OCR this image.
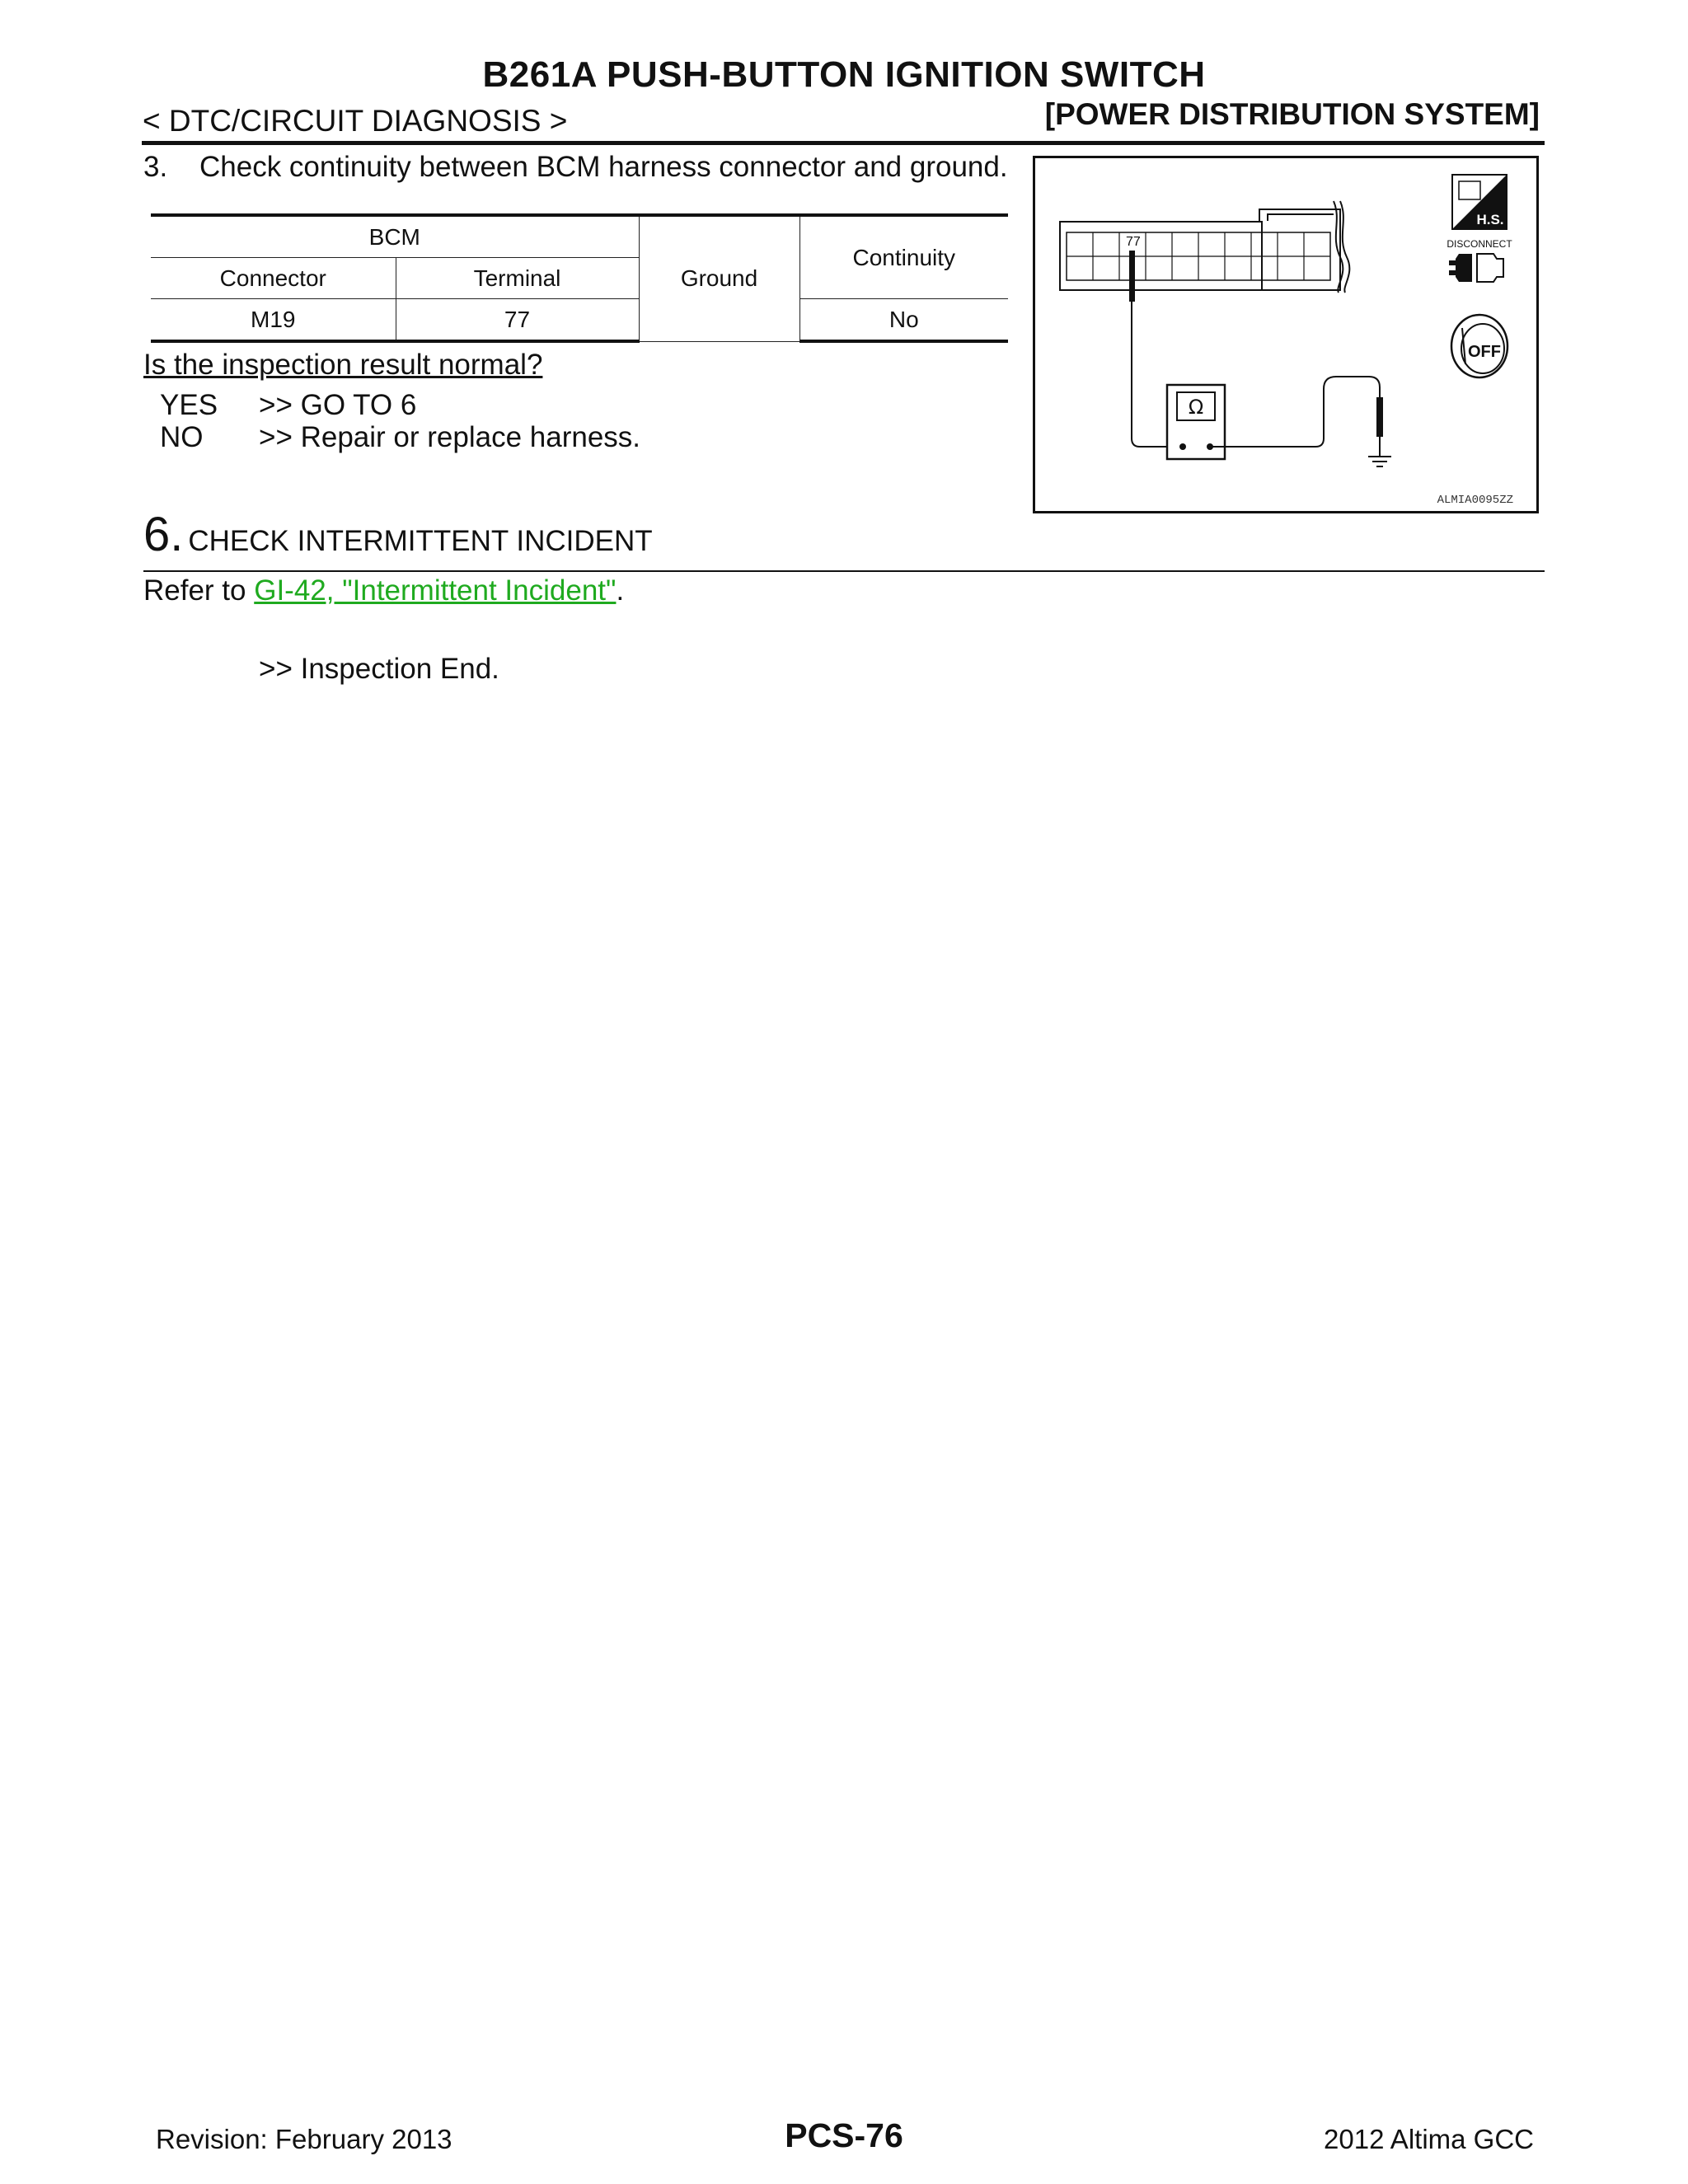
B261A PUSH-BUTTON IGNITION SWITCH
< DTC/CIRCUIT DIAGNOSIS >	[POWER DISTRIBUTION SYSTEM]
3. Check continuity between BCM harness connector and ground.
BCM		Ground	Continuity
Connector	Terminal		
M19	77		No
Is the inspection result normal?
YES >> GO TO 6
NO >> Repair or replace harness.
77
Ω
H.S.
DISCONNECT
OFF
ALMIA0095ZZ
6. CHECK INTERMITTENT INCIDENT
Refer to GI-42, "Intermittent Incident".
>> Inspection End.
Revision: February 2013	PCS-76	2012 Altima GCC
